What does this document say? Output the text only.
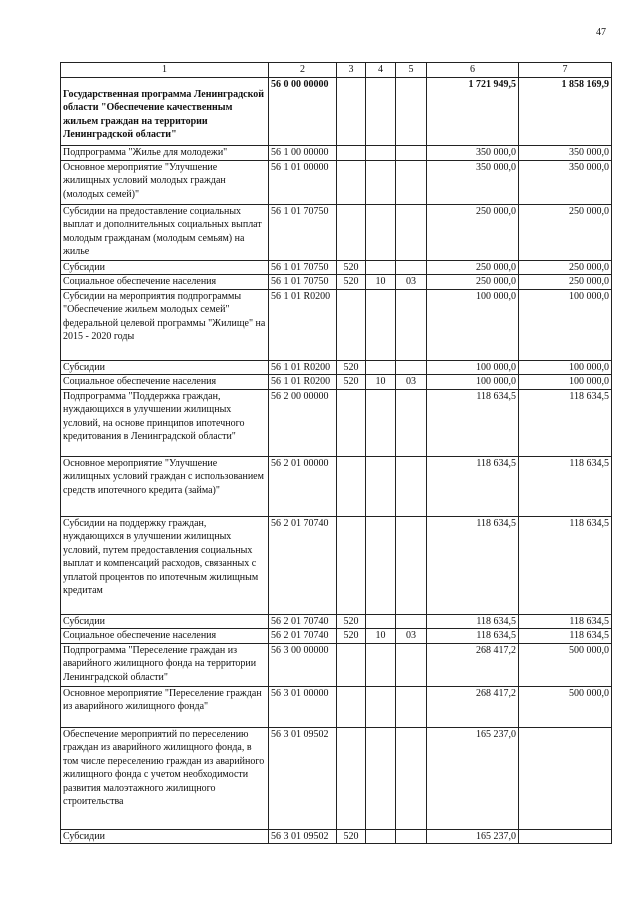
47
1	2	3	4	5	6	7
Государственная программа Ленинградской области "Обеспечение качественным жильем граждан на территории Ленинградской области"	56 0 00 00000				1 721 949,5	1 858 169,9
Подпрограмма "Жилье для молодежи"	56 1 00 00000				350 000,0	350 000,0
Основное мероприятие "Улучшение жилищных условий молодых граждан (молодых семей)"	56 1 01 00000				350 000,0	350 000,0
Субсидии на предоставление социальных выплат и дополнительных социальных выплат молодым гражданам (молодым семьям) на жилье	56 1 01 70750				250 000,0	250 000,0
Субсидии	56 1 01 70750	520			250 000,0	250 000,0
Социальное обеспечение населения	56 1 01 70750	520	10	03	250 000,0	250 000,0
Субсидии на мероприятия подпрограммы "Обеспечение жильем молодых семей" федеральной целевой программы "Жилище" на 2015 - 2020 годы	56 1 01 R0200				100 000,0	100 000,0
Субсидии	56 1 01 R0200	520			100 000,0	100 000,0
Социальное обеспечение населения	56 1 01 R0200	520	10	03	100 000,0	100 000,0
Подпрограмма "Поддержка граждан, нуждающихся в улучшении жилищных условий, на основе принципов ипотечного кредитования в Ленинградской области"	56 2 00 00000				118 634,5	118 634,5
Основное мероприятие "Улучшение жилищных условий граждан с использованием средств ипотечного кредита (займа)"	56 2 01 00000				118 634,5	118 634,5
Субсидии на поддержку граждан, нуждающихся в улучшении жилищных условий, путем предоставления социальных выплат и компенсаций расходов, связанных с уплатой процентов по ипотечным жилищным кредитам	56 2 01 70740				118 634,5	118 634,5
Субсидии	56 2 01 70740	520			118 634,5	118 634,5
Социальное обеспечение населения	56 2 01 70740	520	10	03	118 634,5	118 634,5
Подпрограмма "Переселение граждан из аварийного жилищного фонда на территории Ленинградской области"	56 3 00 00000				268 417,2	500 000,0
Основное мероприятие "Переселение граждан из аварийного жилищного фонда"	56 3 01 00000				268 417,2	500 000,0
Обеспечение мероприятий по переселению граждан из аварийного жилищного фонда, в том числе переселению граждан из аварийного жилищного фонда с учетом необходимости развития малоэтажного жилищного строительства	56 3 01 09502				165 237,0	
Субсидии	56 3 01 09502	520			165 237,0	
